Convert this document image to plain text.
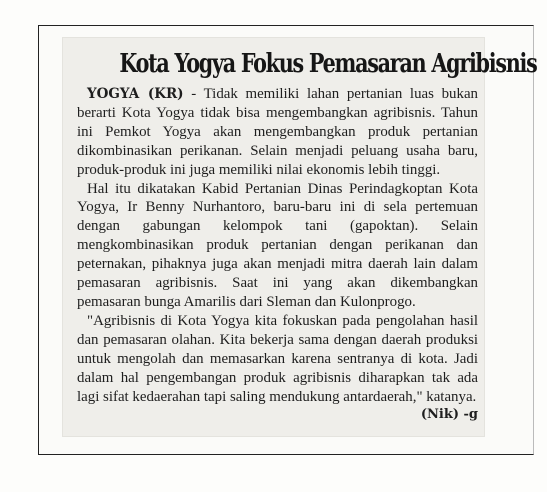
Kota Yogya Fokus Pemasaran Agribisnis

YOGYA (KR) - Tidak memiliki lahan pertanian luas bukan berarti Kota Yogya tidak bisa mengembangkan agribisnis. Tahun ini Pemkot Yogya akan mengembangkan produk pertanian dikombinasikan perikanan. Selain menjadi peluang usaha baru, produk-produk ini juga memiliki nilai ekonomis lebih tinggi.

Hal itu dikatakan Kabid Pertanian Dinas Perindagkoptan Kota Yogya, Ir Benny Nurhantoro, baru-baru ini di sela pertemuan dengan gabungan kelompok tani (gapoktan). Selain mengkombinasikan produk pertanian dengan perikanan dan peternakan, pihaknya juga akan menjadi mitra daerah lain dalam pemasaran agribisnis. Saat ini yang akan dikembangkan pemasaran bunga Amarilis dari Sleman dan Kulonprogo.

"Agribisnis di Kota Yogya kita fokuskan pada pengolahan hasil dan pemasaran olahan. Kita bekerja sama dengan daerah produksi untuk mengolah dan memasarkan karena sentranya di kota. Jadi dalam hal pengembangan produk agribisnis diharapkan tak ada lagi sifat kedaerahan tapi saling mendukung antardaerah," katanya.
(Nik) -g
